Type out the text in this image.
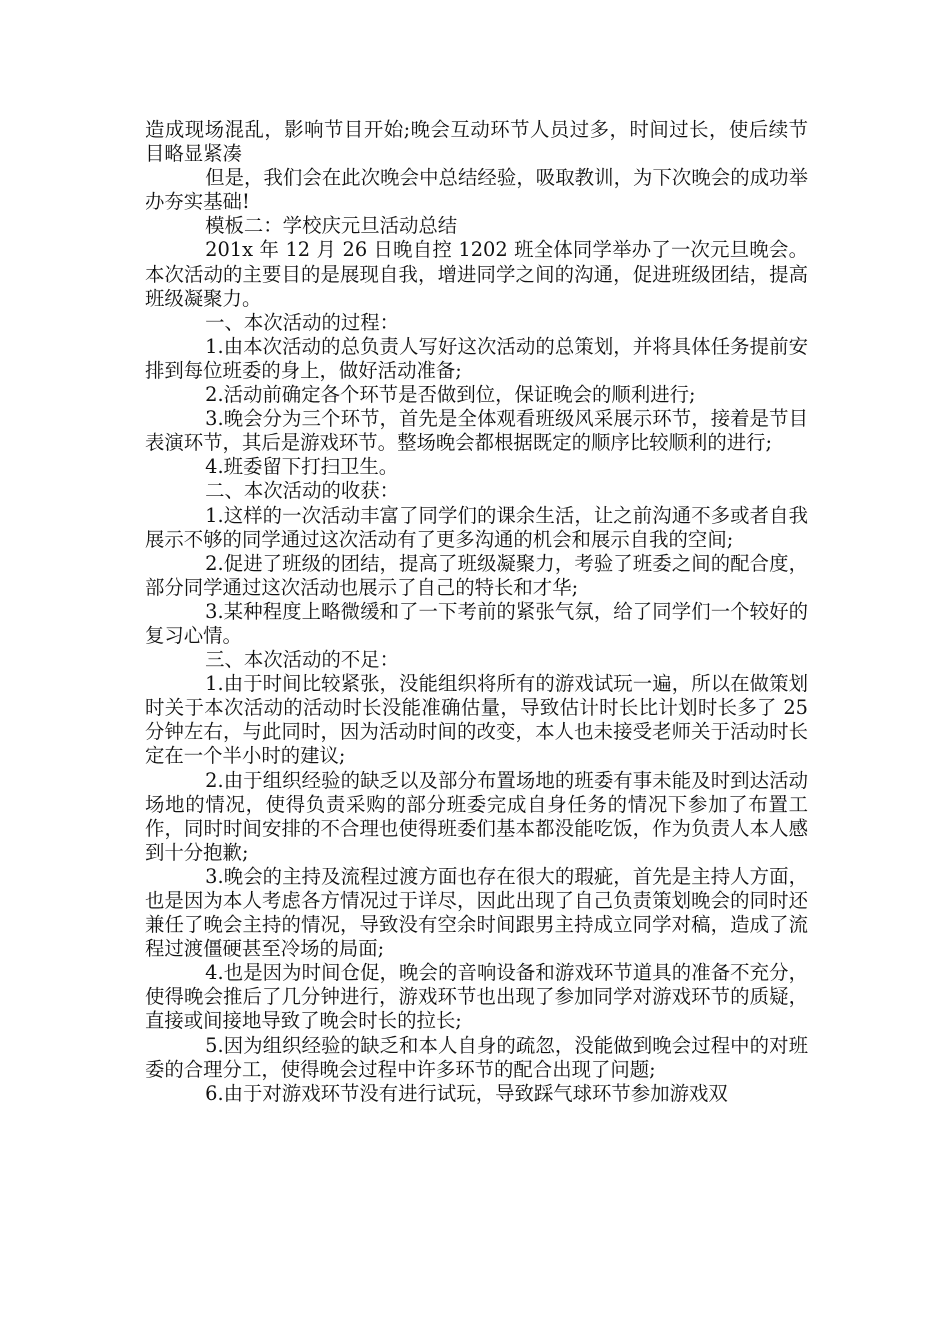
造成现场混乱，影响节目开始;晚会互动环节人员过多，时间过长，使后续节目略显紧凑

但是，我们会在此次晚会中总结经验，吸取教训，为下次晚会的成功举办夯实基础!

模板二：学校庆元旦活动总结

201x 年 12 月 26 日晚自控 1202 班全体同学举办了一次元旦晚会。本次活动的主要目的是展现自我，增进同学之间的沟通，促进班级团结，提高班级凝聚力。

一、本次活动的过程：

1.由本次活动的总负责人写好这次活动的总策划，并将具体任务提前安排到每位班委的身上，做好活动准备;

2.活动前确定各个环节是否做到位，保证晚会的顺利进行;

3.晚会分为三个环节，首先是全体观看班级风采展示环节，接着是节目表演环节，其后是游戏环节。整场晚会都根据既定的顺序比较顺利的进行;

4.班委留下打扫卫生。

二、本次活动的收获：

1.这样的一次活动丰富了同学们的课余生活，让之前沟通不多或者自我展示不够的同学通过这次活动有了更多沟通的机会和展示自我的空间;

2.促进了班级的团结，提高了班级凝聚力，考验了班委之间的配合度，部分同学通过这次活动也展示了自己的特长和才华;

3.某种程度上略微缓和了一下考前的紧张气氛，给了同学们一个较好的复习心情。

三、本次活动的不足：

1.由于时间比较紧张，没能组织将所有的游戏试玩一遍，所以在做策划时关于本次活动的活动时长没能准确估量，导致估计时长比计划时长多了 25 分钟左右，与此同时，因为活动时间的改变，本人也未接受老师关于活动时长定在一个半小时的建议;

2.由于组织经验的缺乏以及部分布置场地的班委有事未能及时到达活动场地的情况，使得负责采购的部分班委完成自身任务的情况下参加了布置工作，同时时间安排的不合理也使得班委们基本都没能吃饭，作为负责人本人感到十分抱歉;

3.晚会的主持及流程过渡方面也存在很大的瑕疵，首先是主持人方面，也是因为本人考虑各方情况过于详尽，因此出现了自己负责策划晚会的同时还兼任了晚会主持的情况，导致没有空余时间跟男主持成立同学对稿，造成了流程过渡僵硬甚至冷场的局面;

4.也是因为时间仓促，晚会的音响设备和游戏环节道具的准备不充分，使得晚会推后了几分钟进行，游戏环节也出现了参加同学对游戏环节的质疑，直接或间接地导致了晚会时长的拉长;

5.因为组织经验的缺乏和本人自身的疏忽，没能做到晚会过程中的对班委的合理分工，使得晚会过程中许多环节的配合出现了问题;

6.由于对游戏环节没有进行试玩，导致踩气球环节参加游戏双
